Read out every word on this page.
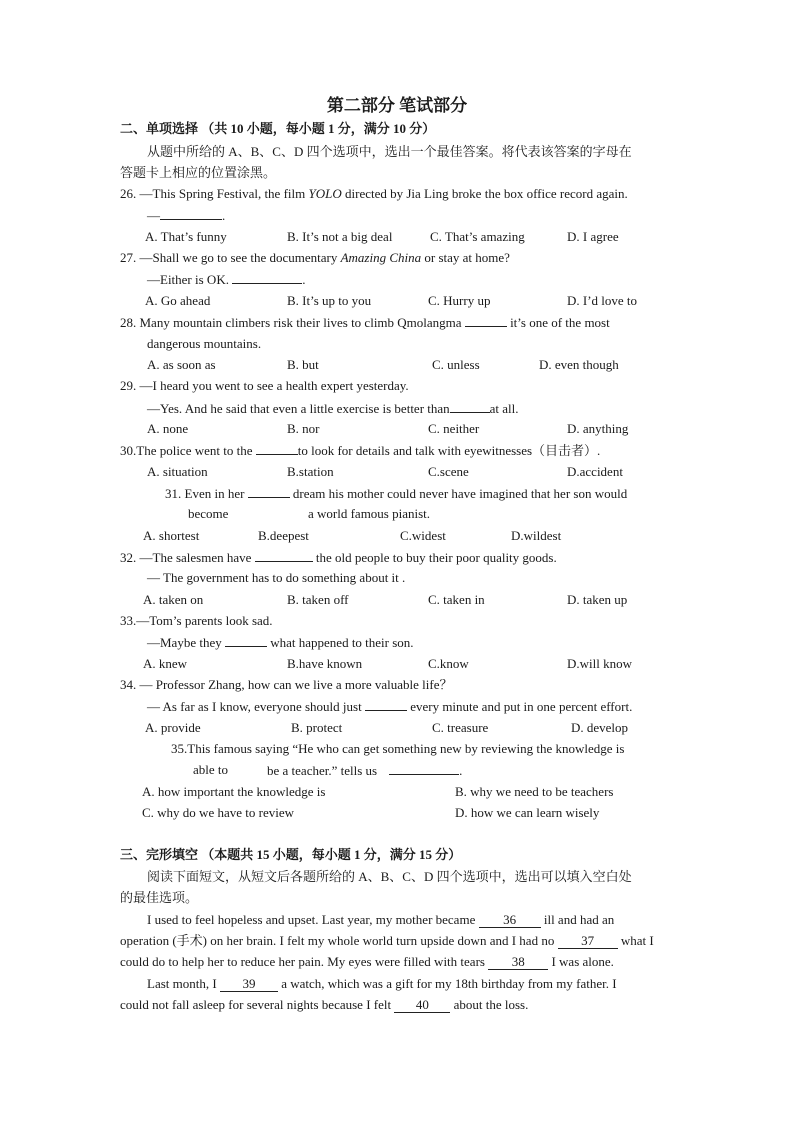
第二部分 笔试部分
二、单项选择 （共 10 小题，每小题 1 分，满分 10 分）
从题中所给的 A、B、C、D 四个选项中，选出一个最佳答案。将代表该答案的字母在
答题卡上相应的位置涂黑。
26. —This Spring Festival, the film YOLO directed by Jia Ling broke the box office record again.
—	.
A. That’s funny	B. It’s not a big deal	C. That’s amazing	D. I agree
27. —Shall we go to see the documentary Amazing China or stay at home?
—Either is OK.	.
A. Go ahead	B. It’s up to you	C. Hurry up	D. I’d love to
28. Many mountain climbers risk their lives to climb Qmolangma	it’s one of the most
dangerous mountains.
A. as soon as	B. but	C. unless	D. even though
29. —I heard you went to see a health expert yesterday.
—Yes. And he said that even a little exercise is better than	at all.
A. none	B. nor	C. neither	D. anything
30.The police went to the	to look for details and talk with eyewitnesses（目击者）.
A. situation	B.station	C.scene	D.accident
31. Even in her	dream his mother could never have imagined that her son would
become	a world famous pianist.
A. shortest	B.deepest	C.widest	D.wildest
32. —The salesmen have	the old people to buy their poor quality goods.
— The government has to do something about it .
A. taken on	B. taken off	C. taken in	D. taken up
33.—Tom’s parents look sad.
—Maybe they	what happened to their son.
A. knew	B.have known	C.know	D.will know
34. — Professor Zhang, how can we live a more valuable life？
— As far as I know, everyone should just	every minute and put in one percent effort.
A. provide	B. protect	C. treasure	D. develop
35.This famous saying “He who can get something new by reviewing the knowledge is
able to	be a teacher.” tells us	.
A. how important the knowledge is	B. why we need to be teachers
C. why do we have to review	D. how we can learn wisely
三、完形填空 （本题共 15 小题，每小题 1 分，满分 15 分）
阅读下面短文，从短文后各题所给的 A、B、C、D 四个选项中，选出可以填入空白处
的最佳选项。
I used to feel hopeless and upset. Last year, my mother became 36 ill and had an
operation (手术) on her brain. I felt my whole world turn upside down and I had no 37 what I
could do to help her to reduce her pain. My eyes were filled with tears 38 I was alone.
Last month, I 39 a watch, which was a gift for my 18th birthday from my father. I
could not fall asleep for several nights because I felt 40 about the loss.
